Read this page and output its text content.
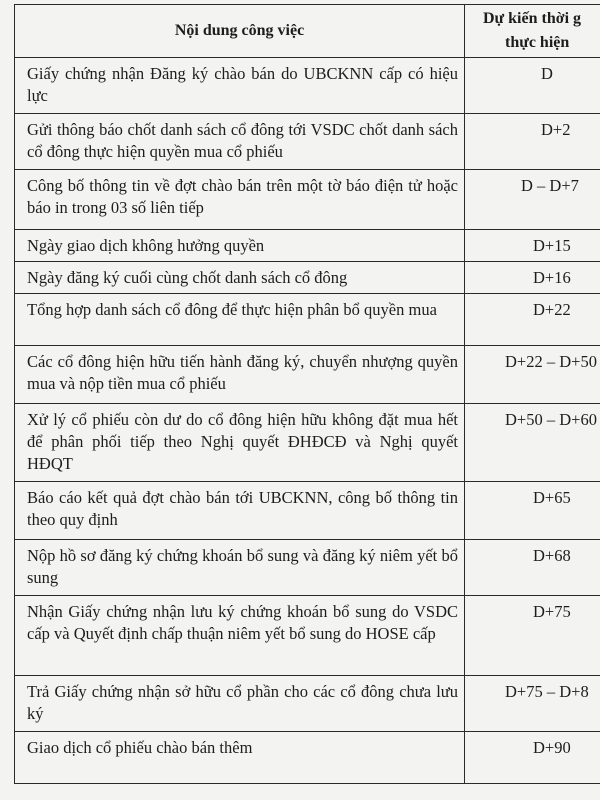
Nội dung công việc	Dự kiến thời g
thực hiện
Giấy chứng nhận Đăng ký chào bán do UBCKNN cấp có hiệu lực	D
Gửi thông báo chốt danh sách cổ đông tới VSDC chốt danh sách cổ đông thực hiện quyền mua cổ phiếu	D+2
Công bố thông tin về đợt chào bán trên một tờ báo điện tử hoặc báo in trong 03 số liên tiếp	D – D+7
Ngày giao dịch không hưởng quyền	D+15
Ngày đăng ký cuối cùng chốt danh sách cổ đông	D+16
Tổng hợp danh sách cổ đông để thực hiện phân bổ quyền mua	D+22
Các cổ đông hiện hữu tiến hành đăng ký, chuyển nhượng quyền mua và nộp tiền mua cổ phiếu	D+22 – D+50
Xử lý cổ phiếu còn dư do cổ đông hiện hữu không đặt mua hết để phân phối tiếp theo Nghị quyết ĐHĐCĐ và Nghị quyết HĐQT	D+50 – D+60
Báo cáo kết quả đợt chào bán tới UBCKNN, công bố thông tin theo quy định	D+65
Nộp hồ sơ đăng ký chứng khoán bổ sung và đăng ký niêm yết bổ sung	D+68
Nhận Giấy chứng nhận lưu ký chứng khoán bổ sung do VSDC cấp và Quyết định chấp thuận niêm yết bổ sung do HOSE cấp	D+75
Trả Giấy chứng nhận sở hữu cổ phần cho các cổ đông chưa lưu ký	D+75 – D+8
Giao dịch cổ phiếu chào bán thêm	D+90
